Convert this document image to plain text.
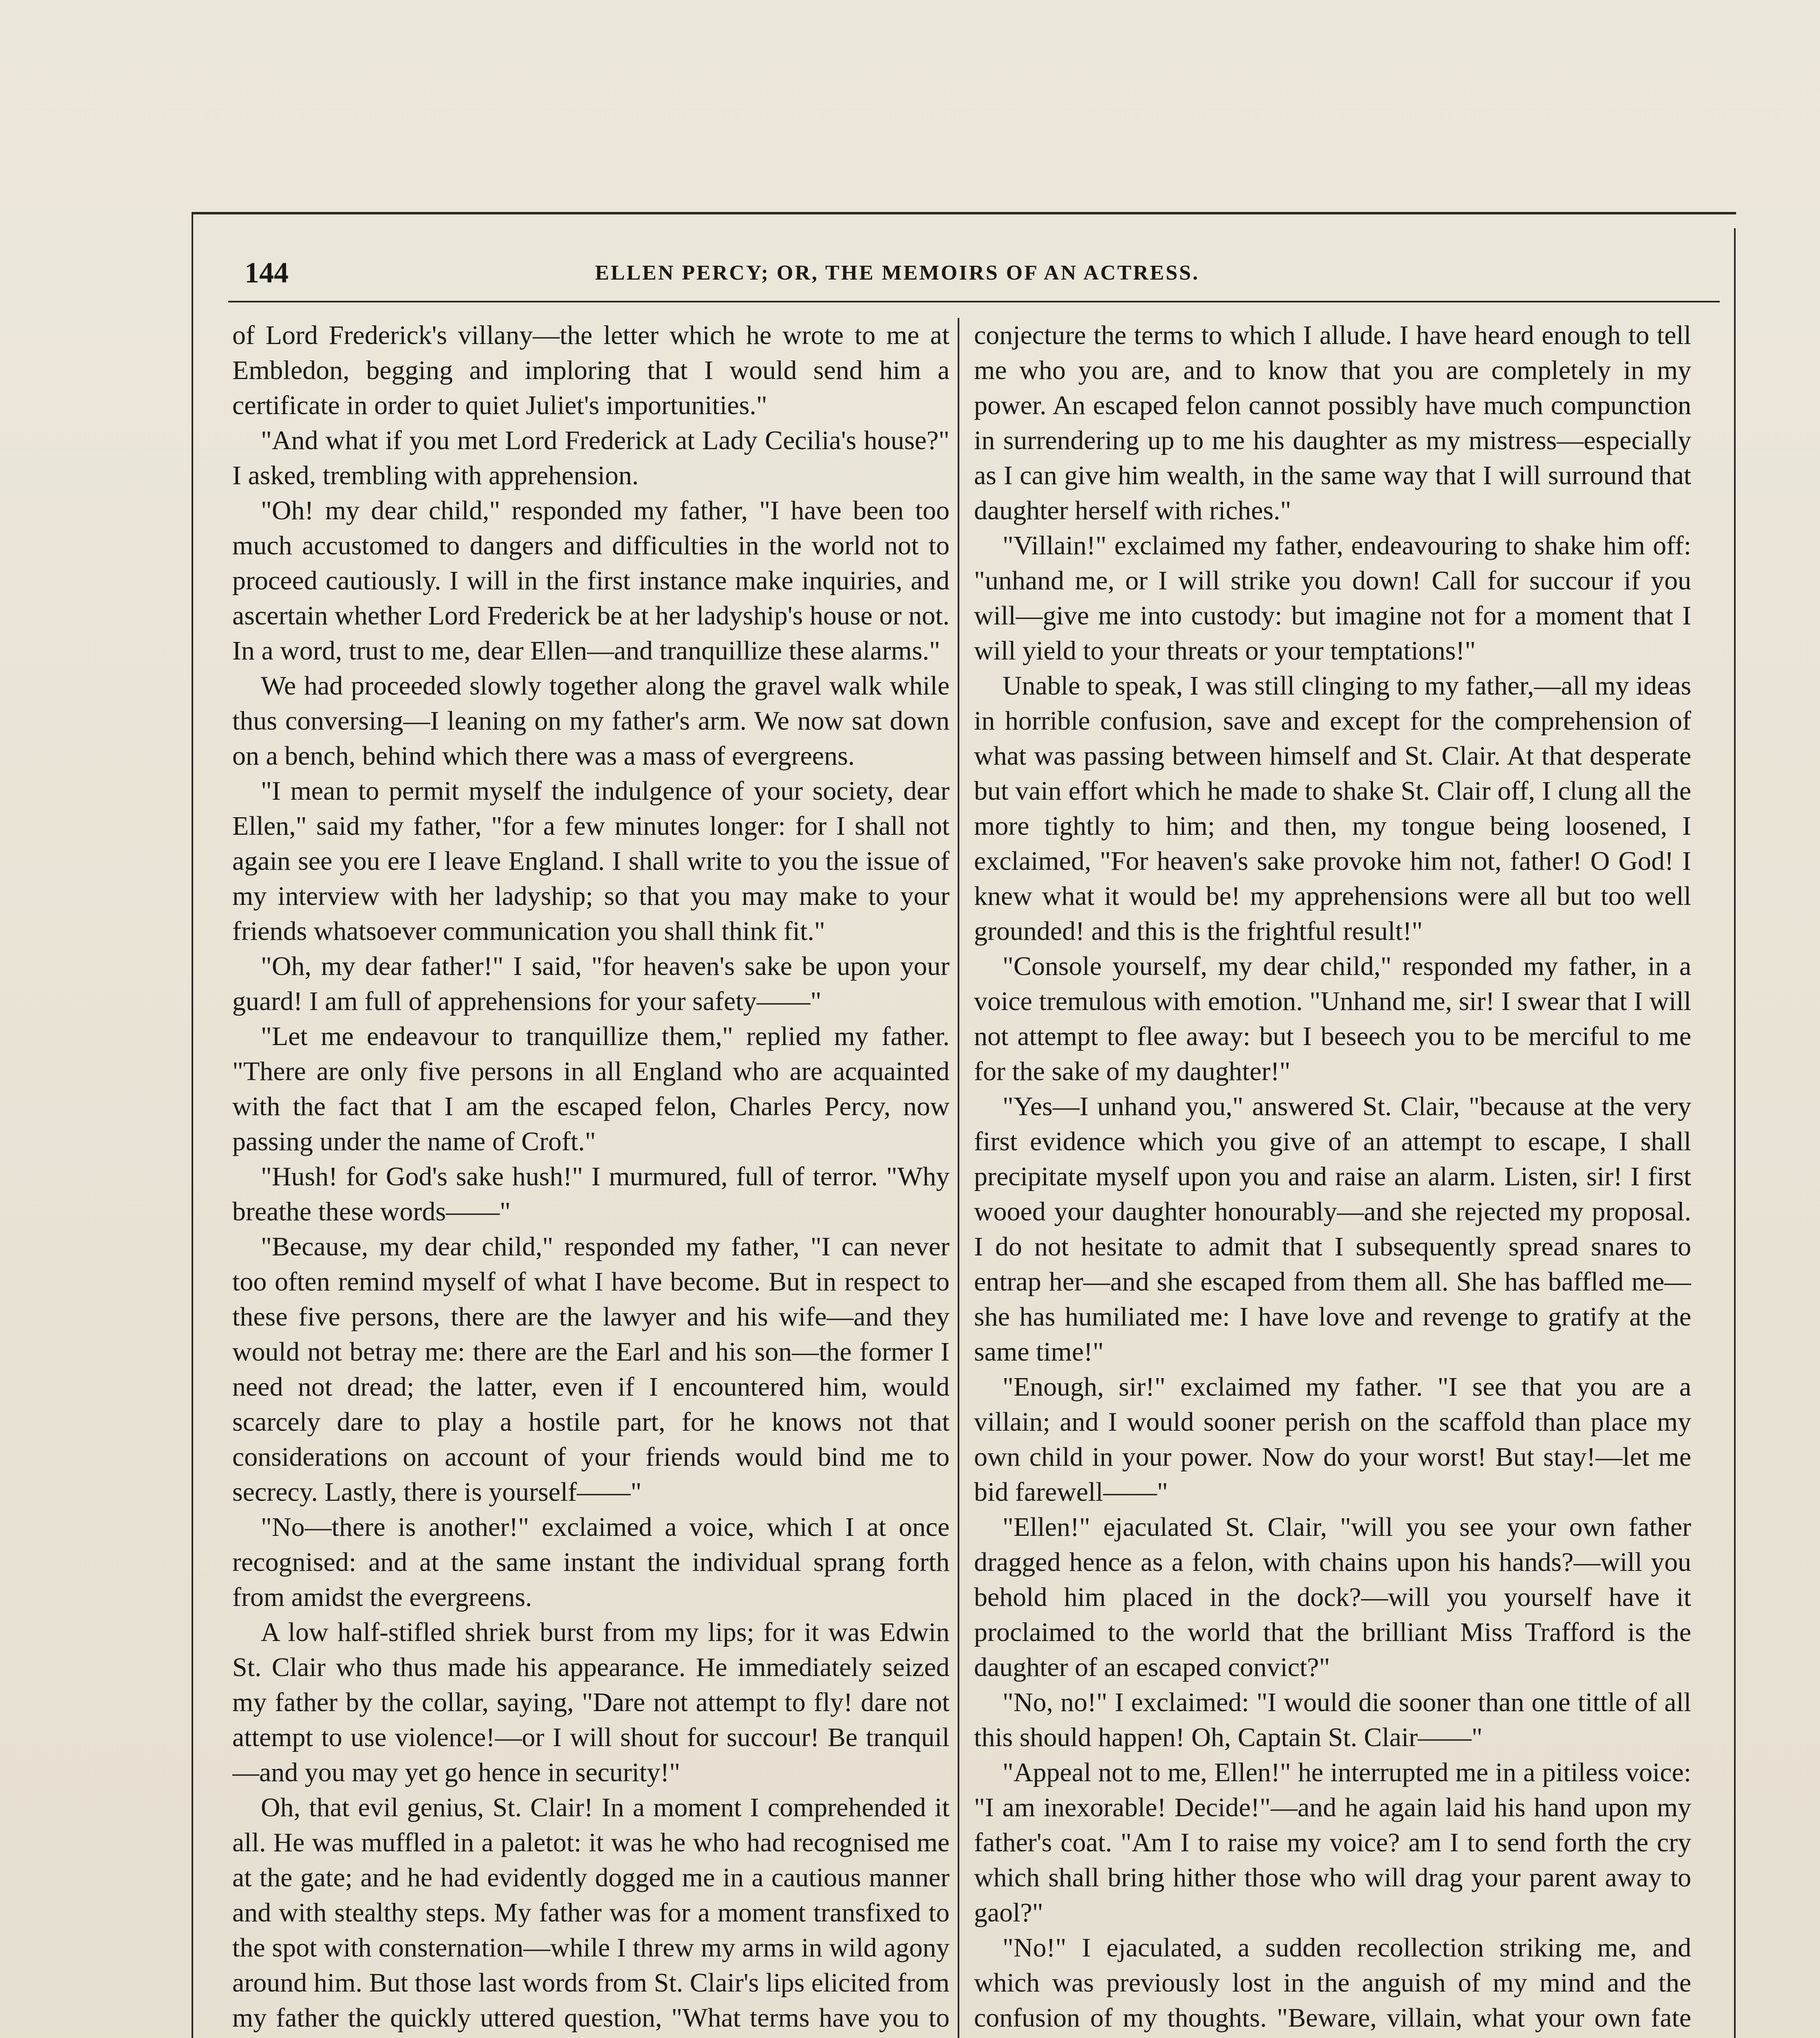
144	ELLEN PERCY; OR, THE MEMOIRS OF AN ACTRESS.

of Lord Frederick's villany—the letter which he wrote to me at Embledon, begging and imploring that I would send him a certificate in order to quiet Juliet's importunities."

"And what if you met Lord Frederick at Lady Cecilia's house?" I asked, trembling with apprehension.

"Oh! my dear child," responded my father, "I have been too much accustomed to dangers and difficulties in the world not to proceed cautiously. I will in the first instance make inquiries, and ascertain whether Lord Frederick be at her ladyship's house or not. In a word, trust to me, dear Ellen—and tranquillize these alarms."

We had proceeded slowly together along the gravel walk while thus conversing—I leaning on my father's arm. We now sat down on a bench, behind which there was a mass of evergreens.

"I mean to permit myself the indulgence of your society, dear Ellen," said my father, "for a few minutes longer: for I shall not again see you ere I leave England. I shall write to you the issue of my interview with her ladyship; so that you may make to your friends whatsoever communication you shall think fit."

"Oh, my dear father!" I said, "for heaven's sake be upon your guard! I am full of apprehensions for your safety——"

"Let me endeavour to tranquillize them," replied my father. "There are only five persons in all England who are acquainted with the fact that I am the escaped felon, Charles Percy, now passing under the name of Croft."

"Hush! for God's sake hush!" I murmured, full of terror. "Why breathe these words——"

"Because, my dear child," responded my father, "I can never too often remind myself of what I have become. But in respect to these five persons, there are the lawyer and his wife—and they would not betray me: there are the Earl and his son—the former I need not dread; the latter, even if I encountered him, would scarcely dare to play a hostile part, for he knows not that considerations on account of your friends would bind me to secrecy. Lastly, there is yourself——"

"No—there is another!" exclaimed a voice, which I at once recognised: and at the same instant the individual sprang forth from amidst the evergreens.

A low half-stifled shriek burst from my lips; for it was Edwin St. Clair who thus made his appearance. He immediately seized my father by the collar, saying, "Dare not attempt to fly! dare not attempt to use violence!—or I will shout for succour! Be tranquil—and you may yet go hence in security!"

Oh, that evil genius, St. Clair! In a moment I comprehended it all. He was muffled in a paletot: it was he who had recognised me at the gate; and he had evidently dogged me in a cautious manner and with stealthy steps. My father was for a moment transfixed to the spot with consternation—while I threw my arms in wild agony around him. But those last words from St. Clair's lips elicited from my father the quickly uttered question, "What terms have you to

conjecture the terms to which I allude. I have heard enough to tell me who you are, and to know that you are completely in my power. An escaped felon cannot possibly have much compunction in surrendering up to me his daughter as my mistress—especially as I can give him wealth, in the same way that I will surround that daughter herself with riches."

"Villain!" exclaimed my father, endeavouring to shake him off: "unhand me, or I will strike you down! Call for succour if you will—give me into custody: but imagine not for a moment that I will yield to your threats or your temptations!"

Unable to speak, I was still clinging to my father,—all my ideas in horrible confusion, save and except for the comprehension of what was passing between himself and St. Clair. At that desperate but vain effort which he made to shake St. Clair off, I clung all the more tightly to him; and then, my tongue being loosened, I exclaimed, "For heaven's sake provoke him not, father! O God! I knew what it would be! my apprehensions were all but too well grounded! and this is the frightful result!"

"Console yourself, my dear child," responded my father, in a voice tremulous with emotion. "Unhand me, sir! I swear that I will not attempt to flee away: but I beseech you to be merciful to me for the sake of my daughter!"

"Yes—I unhand you," answered St. Clair, "because at the very first evidence which you give of an attempt to escape, I shall precipitate myself upon you and raise an alarm. Listen, sir! I first wooed your daughter honourably—and she rejected my proposal. I do not hesitate to admit that I subsequently spread snares to entrap her—and she escaped from them all. She has baffled me—she has humiliated me: I have love and revenge to gratify at the same time!"

"Enough, sir!" exclaimed my father. "I see that you are a villain; and I would sooner perish on the scaffold than place my own child in your power. Now do your worst! But stay!—let me bid farewell——"

"Ellen!" ejaculated St. Clair, "will you see your own father dragged hence as a felon, with chains upon his hands?—will you behold him placed in the dock?—will you yourself have it proclaimed to the world that the brilliant Miss Trafford is the daughter of an escaped convict?"

"No, no!" I exclaimed: "I would die sooner than one tittle of all this should happen! Oh, Captain St. Clair——"

"Appeal not to me, Ellen!" he interrupted me in a pitiless voice: "I am inexorable! Decide!"—and he again laid his hand upon my father's coat. "Am I to raise my voice? am I to send forth the cry which shall bring hither those who will drag your parent away to gaol?"

"No!" I ejaculated, a sudden recollection striking me, and which was previously lost in the anguish of my mind and the confusion of my thoughts. "Beware, villain, what your own fate
